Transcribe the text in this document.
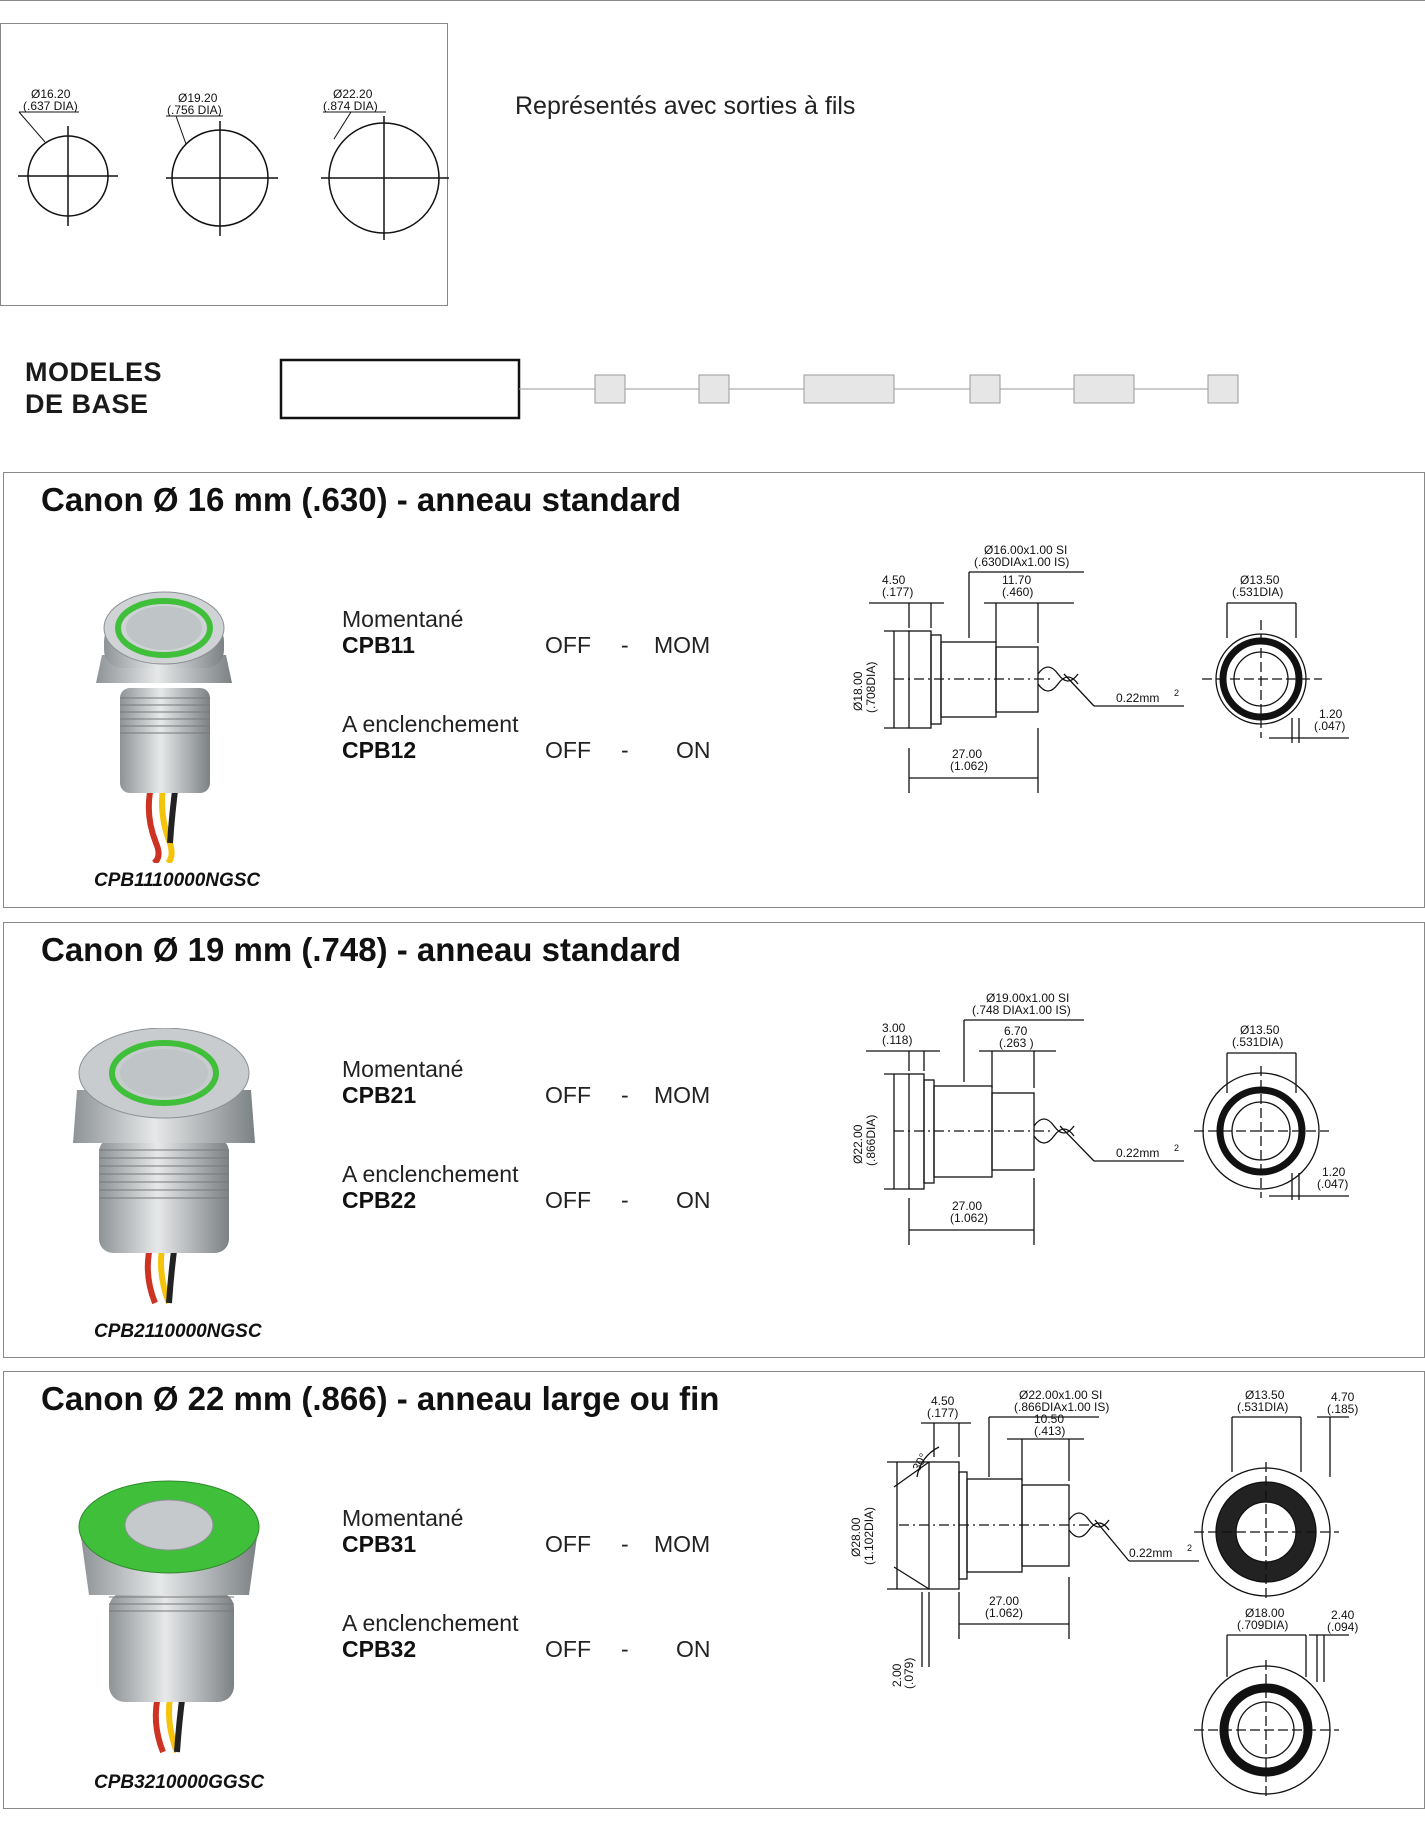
Ø16.20
(.637 DIA)
Ø19.20
(.756 DIA)
Ø22.20
(.874 DIA)	Représentés avec sorties à fils
MODELES
DE BASE
Canon Ø 16 mm (.630) - anneau standard
CPB1110000NGSC
Momentané
CPB11	OFF - MOM
A enclenchement
CPB12	OFF - ON
4.50
(.177)
Ø16.00x1.00 SI
(.630DIAx1.00 IS)
11.70
(.460)
27.00
(1.062)
0.22mm 2
Ø13.50
(.531DIA)
1.20
(.047)
Ø18.00 (.708DIA)
Canon Ø 19 mm (.748) - anneau standard
CPB2110000NGSC
Momentané
CPB21	OFF - MOM
A enclenchement
CPB22	OFF - ON
3.00
(.118)
Ø19.00x1.00 SI
(.748 DIAx1.00 IS)
6.70
(.263 )
27.00
(1.062)
0.22mm 2
Ø13.50
(.531DIA)
1.20
(.047)
Ø22.00 (.866DIA)
Canon Ø 22 mm (.866) - anneau large ou fin
CPB3210000GGSC
Momentané
CPB31	OFF - MOM
A enclenchement
CPB32	OFF - ON
4.50
(.177)
Ø22.00x1.00 SI
(.866DIAx1.00 IS)
10.50
(.413)
27.00
(1.062)
0.22mm 2
30°
2.00
(.079)
Ø28.00 (1.102DIA)
Ø13.50
(.531DIA)
4.70
(.185)
Ø18.00
(.709DIA)
2.40
(.094)
